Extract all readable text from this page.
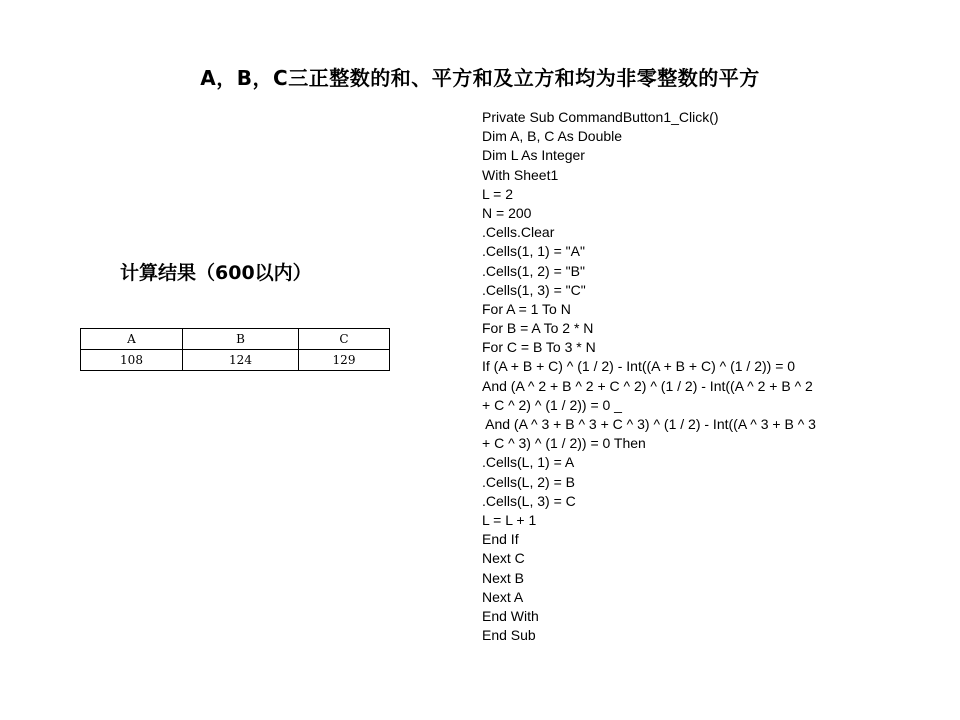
A，B，C三正整数的和、平方和及立方和均为非零整数的平方
计算结果（600以内）
A	B	C
108	124	129
Private Sub CommandButton1_Click()
Dim A, B, C As Double
Dim L As Integer
With Sheet1
L = 2
N = 200
.Cells.Clear
.Cells(1, 1) = "A"
.Cells(1, 2) = "B"
.Cells(1, 3) = "C"
For A = 1 To N
For B = A To 2 * N
For C = B To 3 * N
If (A + B + C) ^ (1 / 2) - Int((A + B + C) ^ (1 / 2)) = 0
And (A ^ 2 + B ^ 2 + C ^ 2) ^ (1 / 2) - Int((A ^ 2 + B ^ 2
+ C ^ 2) ^ (1 / 2)) = 0 _
And (A ^ 3 + B ^ 3 + C ^ 3) ^ (1 / 2) - Int((A ^ 3 + B ^ 3
+ C ^ 3) ^ (1 / 2)) = 0 Then
.Cells(L, 1) = A
.Cells(L, 2) = B
.Cells(L, 3) = C
L = L + 1
End If
Next C
Next B
Next A
End With
End Sub
